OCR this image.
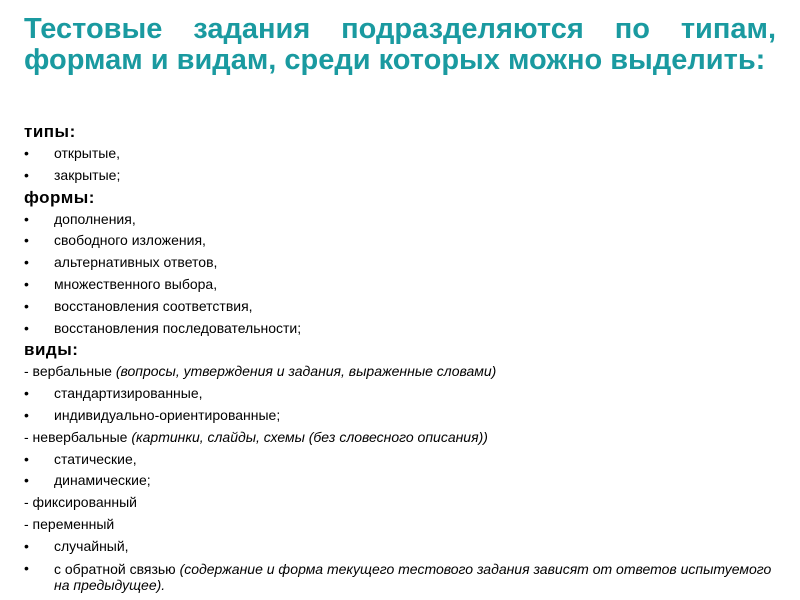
Тестовые задания подразделяются по типам, формам и видам, среди которых можно выделить:
типы:
•	открытые,
•	закрытые;
формы:
•	дополнения,
•	свободного изложения,
•	альтернативных ответов,
•	множественного выбора,
•	восстановления соответствия,
•	восстановления последовательности;
виды:
- вербальные (вопросы, утверждения и задания, выраженные словами)
•	стандартизированные,
•	индивидуально-ориентированные;
- невербальные (картинки, слайды, схемы (без словесного описания))
•	статические,
•	динамические;
- фиксированный
- переменный
•	случайный,
•	с обратной связью (содержание и форма текущего тестового задания зависят от ответов испытуемого на предыдущее).
